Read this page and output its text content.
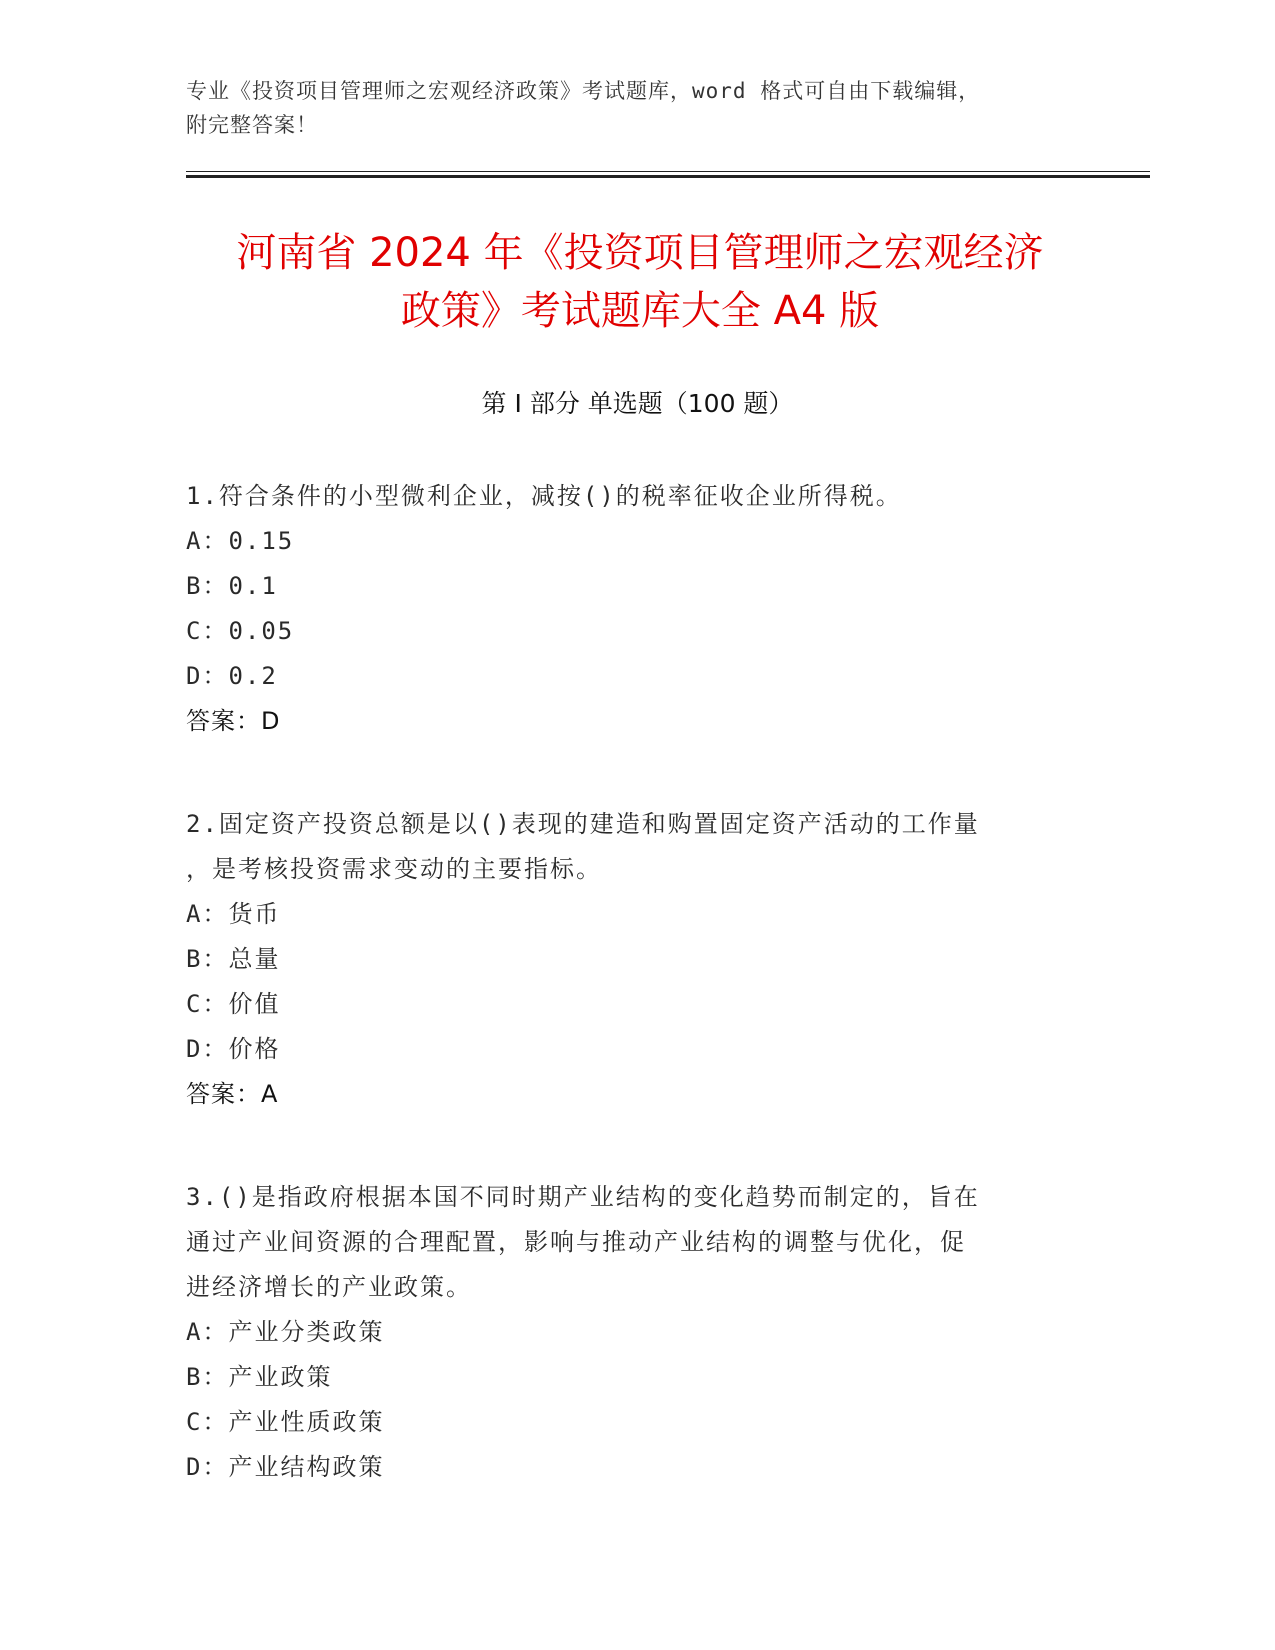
专业《投资项目管理师之宏观经济政策》考试题库，word 格式可自由下载编辑，
附完整答案！
河南省 2024 年《投资项目管理师之宏观经济
政策》考试题库大全 A4 版
第 I 部分 单选题（100 题）
1.符合条件的小型微利企业，减按()的税率征收企业所得税。
A：0.15
B：0.1
C：0.05
D：0.2
答案：D
2.固定资产投资总额是以()表现的建造和购置固定资产活动的工作量
，是考核投资需求变动的主要指标。
A：货币
B：总量
C：价值
D：价格
答案：A
3.()是指政府根据本国不同时期产业结构的变化趋势而制定的，旨在
通过产业间资源的合理配置，影响与推动产业结构的调整与优化，促
进经济增长的产业政策。
A：产业分类政策
B：产业政策
C：产业性质政策
D：产业结构政策
